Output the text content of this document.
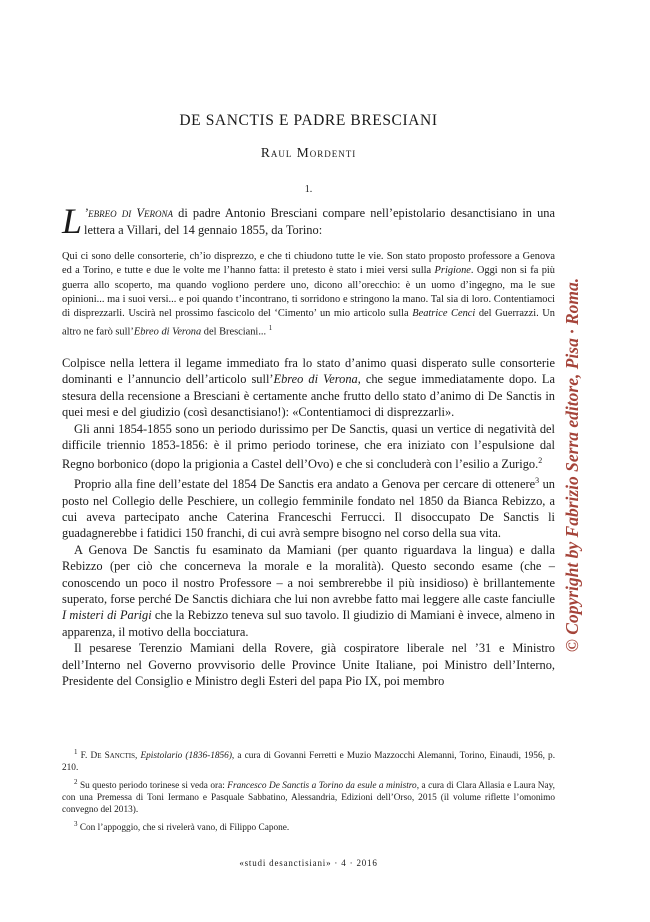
DE SANCTIS E PADRE BRESCIANI
Raul Mordenti
1.
L ’ebreo di Verona di padre Antonio Bresciani compare nell’epistolario desanctisiano in una lettera a Villari, del 14 gennaio 1855, da Torino:
Qui ci sono delle consorterie, ch’io disprezzo, e che ti chiudono tutte le vie. Son stato proposto professore a Genova ed a Torino, e tutte e due le volte me l’hanno fatta: il pretesto è stato i miei versi sulla Prigione. Oggi non si fa più guerra allo scoperto, ma quando vogliono perdere uno, dicono all’orecchio: è un uomo d’ingegno, ma le sue opinioni... ma i suoi versi... e poi quando t’incontrano, ti sorridono e stringono la mano. Tal sia di loro. Contentiamoci di disprezzarli. Uscirà nel prossimo fascicolo del ‘Cimento’ un mio articolo sulla Beatrice Cenci del Guerrazzi. Un altro ne farò sull’Ebreo di Verona del Bresciani... $^1$

Colpisce nella lettera il legame immediato fra lo stato d’animo quasi disperato sulle consorterie dominanti e l’annuncio dell’articolo sull’Ebreo di Verona, che segue immediatamente dopo. La stesura della recensione a Bresciani è certamente anche frutto dello stato d’animo di De Sanctis in quei mesi e del giudizio (così desanctisiano!): «Contentiamoci di disprezzarli».

Gli anni 1854-1855 sono un periodo durissimo per De Sanctis, quasi un vertice di negatività del difficile triennio 1853-1856: è il primo periodo torinese, che era iniziato con l’espulsione dal Regno borbonico (dopo la prigionia a Castel dell’Ovo) e che si concluderà con l’esilio a Zurigo.$^2$

Proprio alla fine dell’estate del 1854 De Sanctis era andato a Genova per cercare di ottenere$^3$ un posto nel Collegio delle Peschiere, un collegio femminile fondato nel 1850 da Bianca Rebizzo, a cui aveva partecipato anche Caterina Franceschi Ferrucci. Il disoccupato De Sanctis li guadagnerebbe i fatidici 150 franchi, di cui avrà sempre bisogno nel corso della sua vita.

A Genova De Sanctis fu esaminato da Mamiani (per quanto riguardava la lingua) e dalla Rebizzo (per ciò che concerneva la morale e la moralità). Questo secondo esame (che – conoscendo un poco il nostro Professore – a noi sembrerebbe il più insidioso) è brillantemente superato, forse perché De Sanctis dichiara che lui non avrebbe fatto mai leggere alle caste fanciulle I misteri di Parigi che la Rebizzo teneva sul suo tavolo. Il giudizio di Mamiani è invece, almeno in apparenza, il motivo della bocciatura.

Il pesarese Terenzio Mamiani della Rovere, già cospiratore liberale nel ’31 e Ministro dell’Interno nel Governo provvisorio delle Province Unite Italiane, poi Ministro dell’Interno, Presidente del Consiglio e Ministro degli Esteri del papa Pio IX, poi membro

$^1$ F. De Sanctis, Epistolario (1836-1856), a cura di Govanni Ferretti e Muzio Mazzocchi Alemanni, Torino, Einaudi, 1956, p. 210.

$^2$ Su questo periodo torinese si veda ora: Francesco De Sanctis a Torino da esule a ministro, a cura di Clara Allasia e Laura Nay, con una Premessa di Toni Iermano e Pasquale Sabbatino, Alessandria, Edizioni dell’Orso, 2015 (il volume riflette l’omonimo convegno del 2013).

$^3$ Con l’appoggio, che si rivelerà vano, di Filippo Capone.

«studi desanctisiani» · 4 · 2016
© Copyright by Fabrizio Serra editore, Pisa · Roma.
